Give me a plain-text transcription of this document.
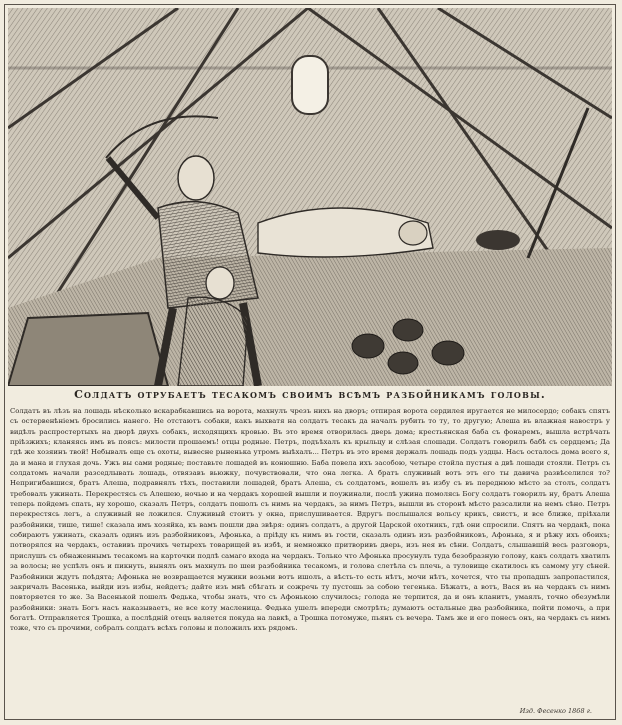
Солдатъ отрубаетъ тесакомъ своимъ всѣмъ разбойникамъ головы.

Солдатъ въ лѣзъ на лошадь нѣсколько вскарабкавшись на ворота, махнулъ чрезъ нихъ на дворъ; отпирая ворота сердилея иругается не милосердо; собакъ спятъ съ остервенѣніемъ бросились нанего. Не отстаютъ собаки, какъ выхватя на солдатъ тесакъ да началъ рубить то ту, то другую; Алеша въ влажная навостръ у видѣлъ распростертыхъ на дворѣ двухъ собакъ, исходящихъ кровью. Въ это время отворилась дверь дома; крестьянская баба съ фонаремъ, вышла встрѣчать пріѣзжихъ; кланяясь имъ въ поясъ: милости прошаемъ! отцы родные. Петръ, подъѣхалъ къ крыльцу и слѣзая слошади. Солдатъ говорилъ бабѣ съ сердцемъ; Да гдѣ же хозяинъ твой! Небывалъ еще съ охоты, вывесне рыненька утромъ выѣхалъ... Петръ въ это время держалъ лошадь подъ уздцы. Насъ осталось дома всего я, да и мана и глухая дочь. Ужъ вы сами родные; поставьте лошадей въ конюшню. Баба повела ихъ засобою, четыре стойла пустыя а двѣ лошади стояли. Петръ съ солдатомъ начали разседлывать лошадь, отвязавъ вьюжку, почувствовали, что она легка. А братъ служивый вотъ этъ его ты давича развѣселился то? Непригибавшися, братъ Алеша, подравнялъ тѣхъ, поставили лошадей, братъ Алеша, съ солдатомъ, вошелъ въ избу съ въ переднюю мѣсто за столъ, солдатъ требовалъ ужинать. Перекрестясь съ Алешею, ночью и на чердакъ хорошей вышли и поужинали, послѣ ужина помолясь Богу солдатъ говорилъ ну, братъ Алеша теперь пойдемъ спать, ну хорошо, сказалъ Петръ, солдатъ пошолъ съ нимъ на чердакъ, за нимъ Петръ, вышли въ сторонѣ мѣсто разсалили на немъ сѣно. Петръ перекрестясь легъ, а служивый не ложился. Служивый стоитъ у окна, прислушивается. Вдругъ послышался вольсу крикъ, свистъ, и все ближе, пріѣхали разбойники, тише, тише! сказала имъ хозяйка, къ вамъ пошли два звѣря: одинъ солдатъ, а другой Царской охотникъ, гдѣ они спросили. Спятъ на чердакѣ, пока собираютъ ужинать, сказалъ одинъ изъ разбойниковъ, Афонька, а пріѣду къ нимъ въ гости, сказалъ одинъ изъ разбойниковъ, Афонька, я и рѣжу ихъ обоихъ; потворялся на чердакъ, оставивъ прочихъ четырехъ товарищей въ избѣ, и немножко притворивъ дверь, изъ нея въ сѣни. Солдатъ, слышавшій весь разговоръ, прислушъ съ обнаженнымъ тесакомъ на карточки подлѣ самаго входа на чердакъ. Только что Афонька просунулъ туда безобразную голову, какъ солдатъ хватилъ за волосы; не успѣлъ онъ и пикнуть, вынялъ онъ махнулъ по шеи разбойника тесакомъ, и голова слетѣла съ плечь, а туловище скатилось къ самому угу сѣней. Разбойники ждутъ поѣдята; Афонька не возвращается мужики возьми вотъ ишолъ, а вѣсть-то есть нѣтъ, мочи нѣтъ, хочется, что ты пропадшъ запропастился, закричалъ Васенька, выйди изъ избы, нейдетъ; дайте изъ мнѣ сбѣгать и сожречь ту пустошь за собою тегенька. Бѣжатъ, а вотъ, Вася въ на чердакъ съ нимъ повторяется то же. За Васенькой пошелъ Федька, чтобы знать, что съ Афонькою случилось; голода не терпится, да и онъ кланитъ, умаялъ, точно обезумѣли разбойники: знать Богъ насъ наказываетъ, не все коту масленица. Федька ушелъ впереди смотрѣть; думаютъ остальные два разбойника, пойти помочь, а при богатѣ. Отправляется Трошка, а послѣдній отецъ валяется покуда на лавкѣ, а Трошка потомуже, пьянъ съ вечера. Тамъ же и его понесъ онъ, на чердакъ съ нимъ тоже, что съ прочими, собралъ солдатъ всѣхъ головы и положилъ ихъ рядомъ.

Изд. Фесенко 1868 г.
